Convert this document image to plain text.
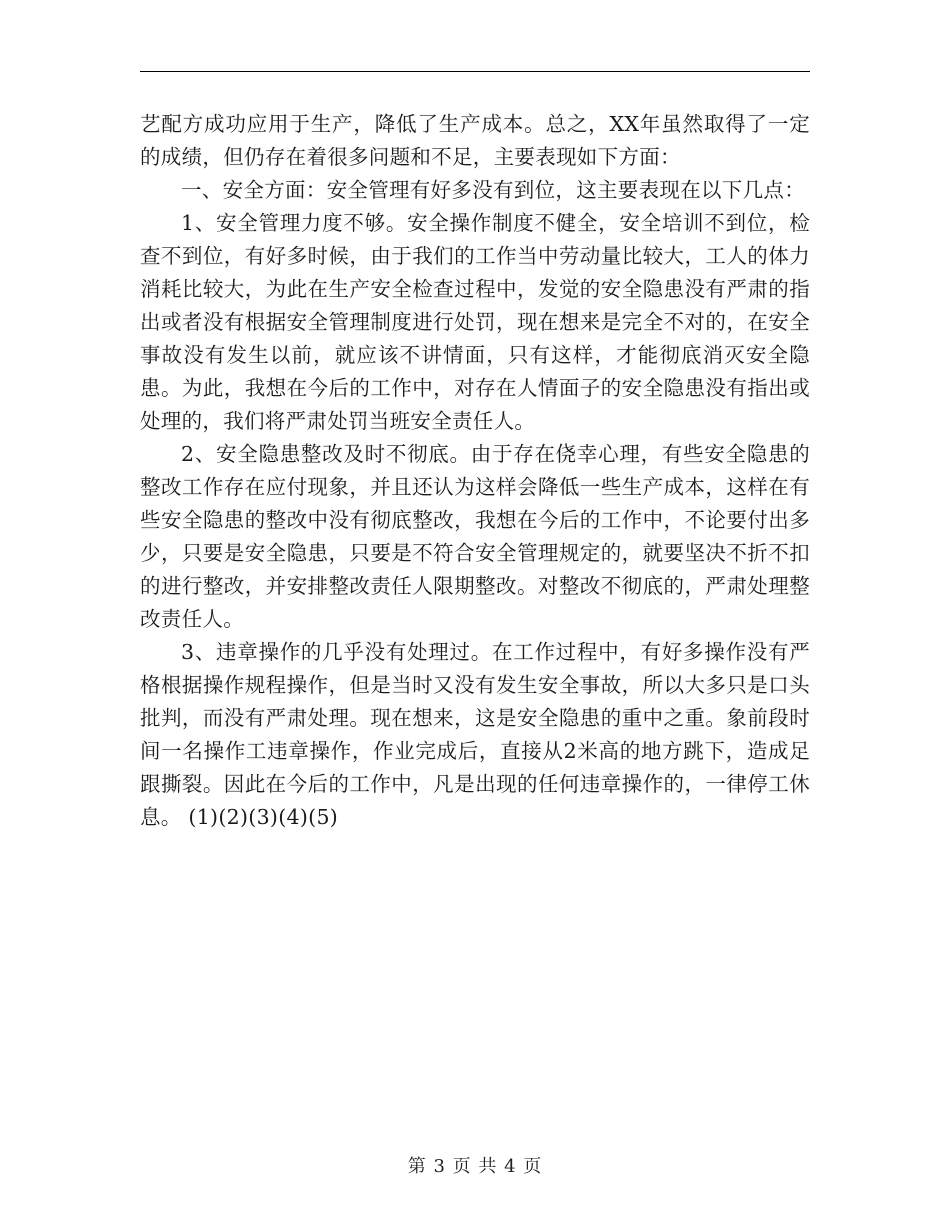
艺配方成功应用于生产，降低了生产成本。总之，XX年虽然取得了一定的成绩，但仍存在着很多问题和不足，主要表现如下方面：

一、安全方面：安全管理有好多没有到位，这主要表现在以下几点：

1、安全管理力度不够。安全操作制度不健全，安全培训不到位，检查不到位，有好多时候，由于我们的工作当中劳动量比较大，工人的体力消耗比较大，为此在生产安全检查过程中，发觉的安全隐患没有严肃的指出或者没有根据安全管理制度进行处罚，现在想来是完全不对的，在安全事故没有发生以前，就应该不讲情面，只有这样，才能彻底消灭安全隐患。为此，我想在今后的工作中，对存在人情面子的安全隐患没有指出或处理的，我们将严肃处罚当班安全责任人。

2、安全隐患整改及时不彻底。由于存在侥幸心理，有些安全隐患的整改工作存在应付现象，并且还认为这样会降低一些生产成本，这样在有些安全隐患的整改中没有彻底整改，我想在今后的工作中，不论要付出多少，只要是安全隐患，只要是不符合安全管理规定的，就要坚决不折不扣的进行整改，并安排整改责任人限期整改。对整改不彻底的，严肃处理整改责任人。

3、违章操作的几乎没有处理过。在工作过程中，有好多操作没有严格根据操作规程操作，但是当时又没有发生安全事故，所以大多只是口头批判，而没有严肃处理。现在想来，这是安全隐患的重中之重。象前段时间一名操作工违章操作，作业完成后，直接从2米高的地方跳下，造成足跟撕裂。因此在今后的工作中，凡是出现的任何违章操作的，一律停工休息。 (1)(2)(3)(4)(5)

第 3 页 共 4 页
